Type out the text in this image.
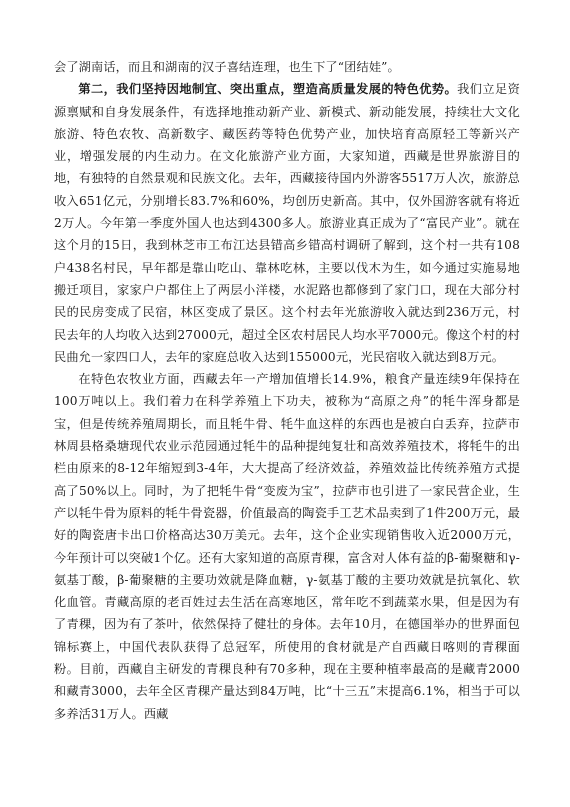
会了湖南话，而且和湖南的汉子喜结连理，也生下了“团结娃”。

第二，我们坚持因地制宜、突出重点，塑造高质量发展的特色优势。我们立足资源禀赋和自身发展条件，有选择地推动新产业、新模式、新动能发展，持续壮大文化旅游、特色农牧、高新数字、藏医药等特色优势产业，加快培育高原轻工等新兴产业，增强发展的内生动力。在文化旅游产业方面，大家知道，西藏是世界旅游目的地，有独特的自然景观和民族文化。去年，西藏接待国内外游客5517万人次，旅游总收入651亿元，分别增长83.7%和60%，均创历史新高。其中，仅外国游客就有将近2万人。今年第一季度外国人也达到4300多人。旅游业真正成为了“富民产业”。就在这个月的15日，我到林芝市工布江达县错高乡错高村调研了解到，这个村一共有108户438名村民，早年都是靠山吃山、靠林吃林，主要以伐木为生，如今通过实施易地搬迁项目，家家户户都住上了两层小洋楼，水泥路也都修到了家门口，现在大部分村民的民房变成了民宿，林区变成了景区。这个村去年光旅游收入就达到236万元，村民去年的人均收入达到27000元，超过全区农村居民人均水平7000元。像这个村的村民曲允一家四口人，去年的家庭总收入达到155000元，光民宿收入就达到8万元。

在特色农牧业方面，西藏去年一产增加值增长14.9%，粮食产量连续9年保持在100万吨以上。我们着力在科学养殖上下功夫，被称为“高原之舟”的牦牛浑身都是宝，但是传统养殖周期长，而且牦牛骨、牦牛血这样的东西也是被白白丢弃，拉萨市林周县格桑塘现代农业示范园通过牦牛的品种提纯复壮和高效养殖技术，将牦牛的出栏由原来的8-12年缩短到3-4年，大大提高了经济效益，养殖效益比传统养殖方式提高了50%以上。同时，为了把牦牛骨“变废为宝”，拉萨市也引进了一家民营企业，生产以牦牛骨为原料的牦牛骨瓷器，价值最高的陶瓷手工艺术品卖到了1件200万元，最好的陶瓷唐卡出口价格高达30万美元。去年，这个企业实现销售收入近2000万元，今年预计可以突破1个亿。还有大家知道的高原青稞，富含对人体有益的β-葡聚糖和γ-氨基丁酸，β-葡聚糖的主要功效就是降血糖，γ-氨基丁酸的主要功效就是抗氧化、软化血管。青藏高原的老百姓过去生活在高寒地区，常年吃不到蔬菜水果，但是因为有了青稞，因为有了茶叶，依然保持了健壮的身体。去年10月，在德国举办的世界面包锦标赛上，中国代表队获得了总冠军，所使用的食材就是产自西藏日喀则的青稞面粉。目前，西藏自主研发的青稞良种有70多种，现在主要种植率最高的是藏青2000和藏青3000，去年全区青稞产量达到84万吨，比“十三五”末提高6.1%，相当于可以多养活31万人。西藏
